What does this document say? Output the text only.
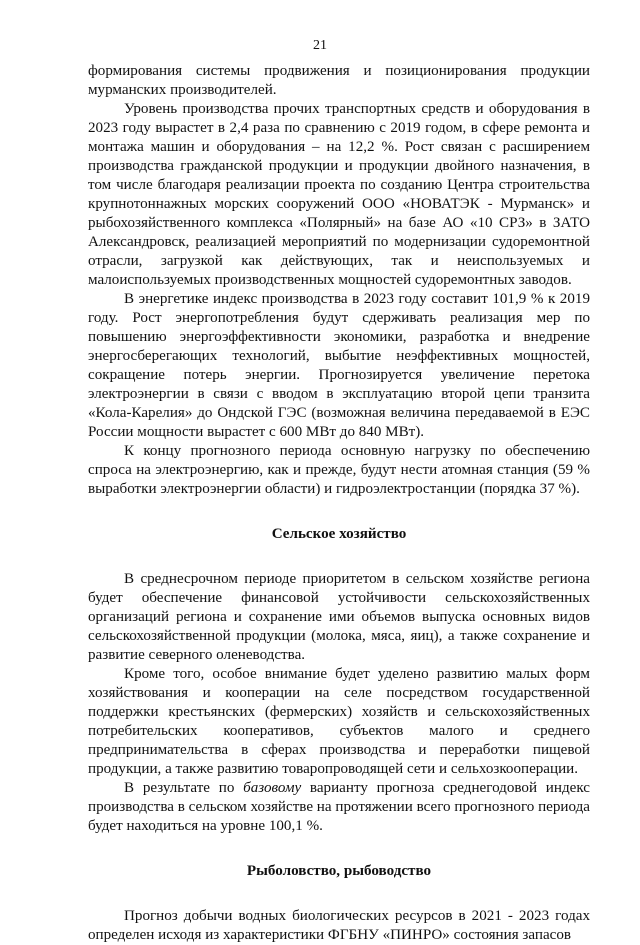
21

формирования системы продвижения и позиционирования продукции мурманских производителей.

Уровень производства прочих транспортных средств и оборудования в 2023 году вырастет в 2,4 раза по сравнению с 2019 годом, в сфере ремонта и монтажа машин и оборудования – на 12,2 %. Рост связан с расширением производства гражданской продукции и продукции двойного назначения, в том числе благодаря реализации проекта по созданию Центра строительства крупнотоннажных морских сооружений ООО «НОВАТЭК - Мурманск» и рыбохозяйственного комплекса «Полярный» на базе АО «10 СРЗ» в ЗАТО Александровск, реализацией мероприятий по модернизации судоремонтной отрасли, загрузкой как действующих, так и неиспользуемых и малоиспользуемых производственных мощностей судоремонтных заводов.

В энергетике индекс производства в 2023 году составит 101,9 % к 2019 году. Рост энергопотребления будут сдерживать реализация мер по повышению энергоэффективности экономики, разработка и внедрение энергосберегающих технологий, выбытие неэффективных мощностей, сокращение потерь энергии. Прогнозируется увеличение перетока электроэнергии в связи с вводом в эксплуатацию второй цепи транзита «Кола-Карелия» до Ондской ГЭС (возможная величина передаваемой в ЕЭС России мощности вырастет с 600 МВт до 840 МВт).

К концу прогнозного периода основную нагрузку по обеспечению спроса на электроэнергию, как и прежде, будут нести атомная станция (59 % выработки электроэнергии области) и гидроэлектростанции (порядка 37 %).

Сельское хозяйство

В среднесрочном периоде приоритетом в сельском хозяйстве региона будет обеспечение финансовой устойчивости сельскохозяйственных организаций региона и сохранение ими объемов выпуска основных видов сельскохозяйственной продукции (молока, мяса, яиц), а также сохранение и развитие северного оленеводства.

Кроме того, особое внимание будет уделено развитию малых форм хозяйствования и кооперации на селе посредством государственной поддержки крестьянских (фермерских) хозяйств и сельскохозяйственных потребительских кооперативов, субъектов малого и среднего предпринимательства в сферах производства и переработки пищевой продукции, а также развитию товаропроводящей сети и сельхозкооперации.

В результате по базовому варианту прогноза среднегодовой индекс производства в сельском хозяйстве на протяжении всего прогнозного периода будет находиться на уровне 100,1 %.

Рыболовство, рыбоводство

Прогноз добычи водных биологических ресурсов в 2021 - 2023 годах определен исходя из характеристики ФГБНУ «ПИНРО» состояния запасов
